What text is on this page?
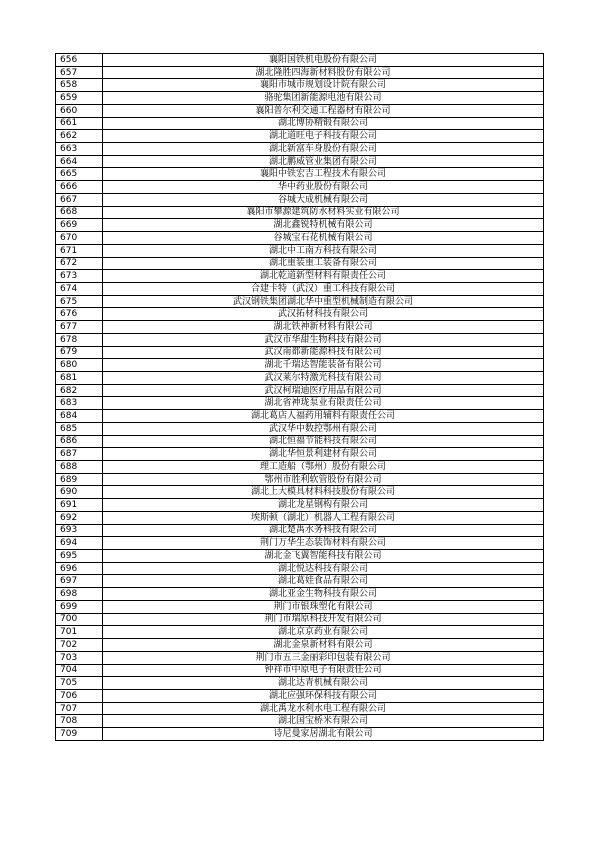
656	襄阳国铁机电股份有限公司
657	湖北隆胜四海新材料股份有限公司
658	襄阳市城市规划设计院有限公司
659	骆驼集团新能源电池有限公司
660	襄阳普尔利交通工程器材有限公司
661	湖北博协精锻有限公司
662	湖北道旺电子科技有限公司
663	湖北新富车身股份有限公司
664	湖北鹏威管业集团有限公司
665	襄阳中铁宏吉工程技术有限公司
666	华中药业股份有限公司
667	谷城大成机械有限公司
668	襄阳市攀源建筑防水材料实业有限公司
669	湖北鑫锐特机械有限公司
670	谷城宝石花机械有限公司
671	湖北中工南方科技有限公司
672	湖北重装重工装备有限公司
673	湖北乾道新型材料有限责任公司
674	合建卡特（武汉）重工科技有限公司
675	武汉钢铁集团湖北华中重型机械制造有限公司
676	武汉拓材科技有限公司
677	湖北铁神新材料有限公司
678	武汉市华甜生物科技有限公司
679	武汉南都新能源科技有限公司
680	湖北千瑞达智能装备有限公司
681	武汉莱尔特激光科技有限公司
682	武汉柯瑞迪医疗用品有限公司
683	湖北省神珑泵业有限责任公司
684	湖北葛店人福药用辅料有限责任公司
685	武汉华中数控鄂州有限公司
686	湖北恒福节能科技有限公司
687	湖北华恒景利建材有限公司
688	理工造船（鄂州）股份有限公司
689	鄂州市胜利软管股份有限公司
690	湖北上大模具材料科技股份有限公司
691	湖北龙星钢构有限公司
692	埃斯顿（湖北）机器人工程有限公司
693	湖北楚禹水务科技有限公司
694	荆门万华生态装饰材料有限公司
695	湖北金飞翼智能科技有限公司
696	湖北悦达科技有限公司
697	湖北葛娃食品有限公司
698	湖北亚金生物科技有限公司
699	荆门市银珠塑化有限公司
700	荆门市瑞原科技开发有限公司
701	湖北京京药业有限公司
702	湖北金泉新材料有限公司
703	荆门市五三金丽彩印包装有限公司
704	钟祥市中原电子有限责任公司
705	湖北达青机械有限公司
706	湖北应强环保科技有限公司
707	湖北禹龙水利水电工程有限公司
708	湖北国宝桥米有限公司
709	诗尼曼家居湖北有限公司
